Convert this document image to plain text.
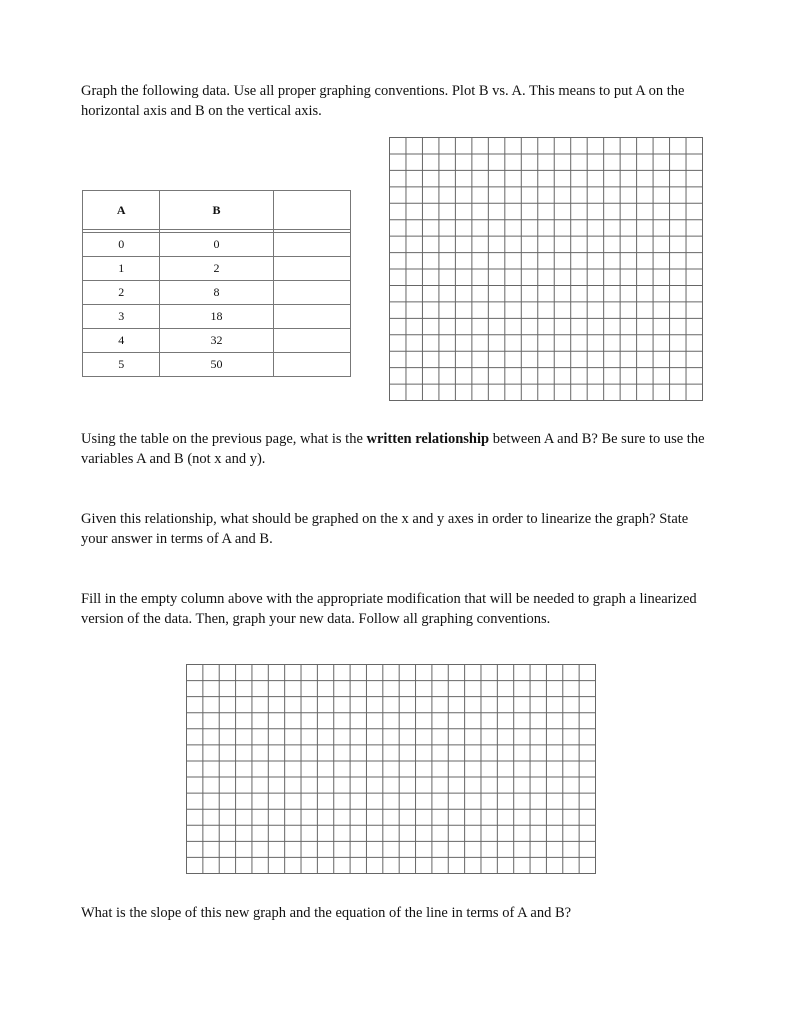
Graph the following data. Use all proper graphing conventions. Plot B vs. A. This means to put A on the horizontal axis and B on the vertical axis.

A	B	

0	0	
1	2	
2	8	
3	18	
4	32	
5	50	

Using the table on the previous page, what is the written relationship between A and B? Be sure to use the variables A and B (not x and y).

Given this relationship, what should be graphed on the x and y axes in order to linearize the graph? State your answer in terms of A and B.

Fill in the empty column above with the appropriate modification that will be needed to graph a linearized version of the data. Then, graph your new data. Follow all graphing conventions.

What is the slope of this new graph and the equation of the line in terms of A and B?
